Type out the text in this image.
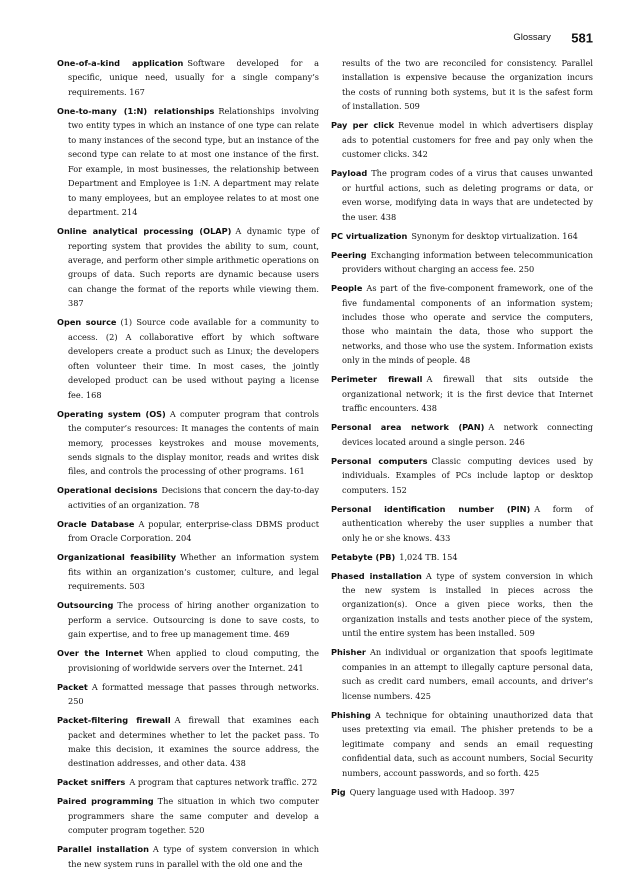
Glossary 581

One-of-a-kind application Software developed for a specific, unique need, usually for a single company’s requirements. 167

One-to-many (1:N) relationships Relationships involving two entity types in which an instance of one type can relate to many instances of the second type, but an instance of the second type can relate to at most one instance of the first. For example, in most businesses, the relationship between Department and Employee is 1:N. A department may relate to many employees, but an employee relates to at most one department. 214

Online analytical processing (OLAP) A dynamic type of reporting system that provides the ability to sum, count, average, and perform other simple arithmetic operations on groups of data. Such reports are dynamic because users can change the format of the reports while viewing them. 387

Open source (1) Source code available for a community to access. (2) A collaborative effort by which software developers create a product such as Linux; the developers often volunteer their time. In most cases, the jointly developed product can be used without paying a license fee. 168

Operating system (OS) A computer program that controls the computer’s resources: It manages the contents of main memory, processes keystrokes and mouse movements, sends signals to the display monitor, reads and writes disk files, and controls the processing of other programs. 161

Operational decisions Decisions that concern the day-to-day activities of an organization. 78

Oracle Database A popular, enterprise-class DBMS product from Oracle Corporation. 204

Organizational feasibility Whether an information system fits within an organization’s customer, culture, and legal requirements. 503

Outsourcing The process of hiring another organization to perform a service. Outsourcing is done to save costs, to gain expertise, and to free up management time. 469

Over the Internet When applied to cloud computing, the provisioning of worldwide servers over the Internet. 241

Packet A formatted message that passes through networks. 250

Packet-filtering firewall A firewall that examines each packet and determines whether to let the packet pass. To make this decision, it examines the source address, the destination addresses, and other data. 438

Packet sniffers A program that captures network traffic. 272

Paired programming The situation in which two computer programmers share the same computer and develop a computer program together. 520

Parallel installation A type of system conversion in which the new system runs in parallel with the old one and the

results of the two are reconciled for consistency. Parallel installation is expensive because the organization incurs the costs of running both systems, but it is the safest form of installation. 509

Pay per click Revenue model in which advertisers display ads to potential customers for free and pay only when the customer clicks. 342

Payload The program codes of a virus that causes unwanted or hurtful actions, such as deleting programs or data, or even worse, modifying data in ways that are undetected by the user. 438

PC virtualization Synonym for desktop virtualization. 164

Peering Exchanging information between telecommunication providers without charging an access fee. 250

People As part of the five-component framework, one of the five fundamental components of an information system; includes those who operate and service the computers, those who maintain the data, those who support the networks, and those who use the system. Information exists only in the minds of people. 48

Perimeter firewall A firewall that sits outside the organizational network; it is the first device that Internet traffic encounters. 438

Personal area network (PAN) A network connecting devices located around a single person. 246

Personal computers Classic computing devices used by individuals. Examples of PCs include laptop or desktop computers. 152

Personal identification number (PIN) A form of authentication whereby the user supplies a number that only he or she knows. 433

Petabyte (PB) 1,024 TB. 154

Phased installation A type of system conversion in which the new system is installed in pieces across the organization(s). Once a given piece works, then the organization installs and tests another piece of the system, until the entire system has been installed. 509

Phisher An individual or organization that spoofs legitimate companies in an attempt to illegally capture personal data, such as credit card numbers, email accounts, and driver’s license numbers. 425

Phishing A technique for obtaining unauthorized data that uses pretexting via email. The phisher pretends to be a legitimate company and sends an email requesting confidential data, such as account numbers, Social Security numbers, account passwords, and so forth. 425

Pig Query language used with Hadoop. 397
